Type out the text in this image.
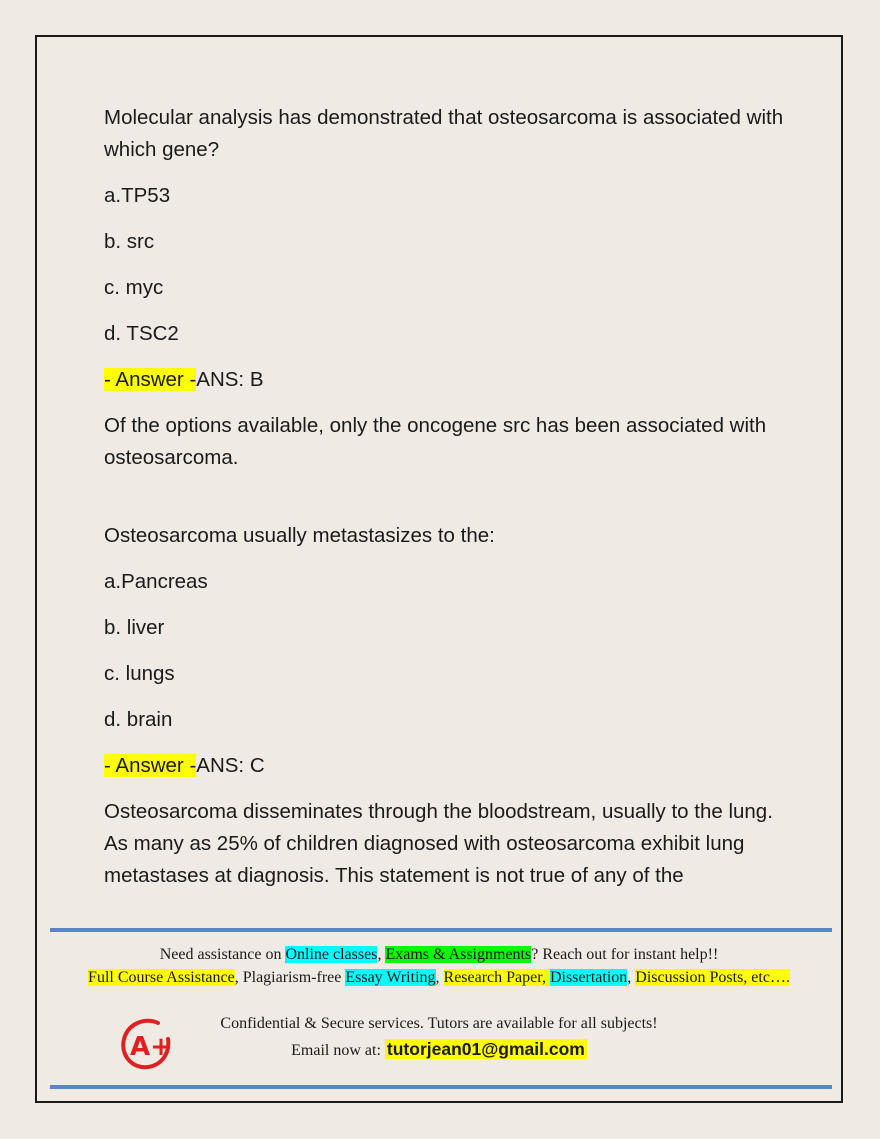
Molecular analysis has demonstrated that osteosarcoma is associated with which gene?

a.TP53

b. src

c. myc

d. TSC2

- Answer -ANS: B

Of the options available, only the oncogene src has been associated with osteosarcoma.

Osteosarcoma usually metastasizes to the:

a.Pancreas

b. liver

c. lungs

d. brain

- Answer -ANS: C

Osteosarcoma disseminates through the bloodstream, usually to the lung. As many as 25% of children diagnosed with osteosarcoma exhibit lung metastases at diagnosis. This statement is not true of any of the

Need assistance on Online classes, Exams & Assignments? Reach out for instant help!!
Full Course Assistance, Plagiarism-free Essay Writing, Research Paper, Dissertation, Discussion Posts, etc….
A+
Confidential & Secure services. Tutors are available for all subjects!
Email now at: tutorjean01@gmail.com
